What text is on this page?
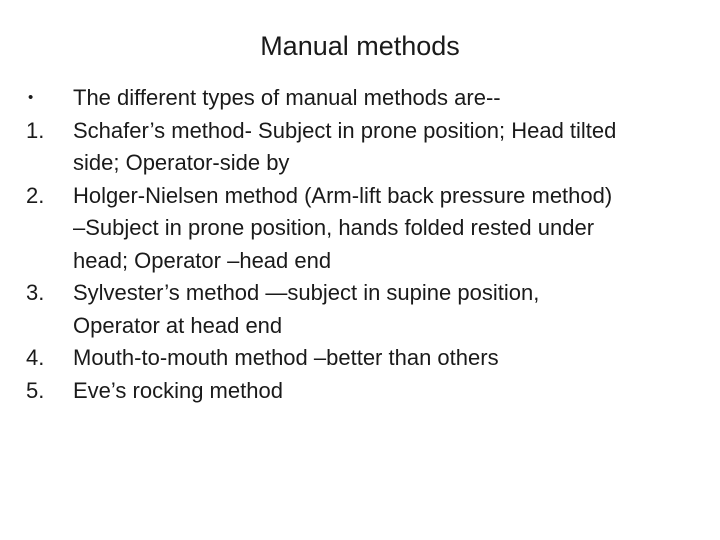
Manual methods
•	The different types of manual methods are--
1.	Schafer’s method- Subject in prone position; Head tilted
side; Operator-side by
2.	Holger-Nielsen method (Arm-lift back pressure method)
–Subject in prone position, hands folded rested under
head; Operator –head end
3.	Sylvester’s method —subject in supine position,
Operator at head end
4.	Mouth-to-mouth method –better than others
5.	Eve’s rocking method
